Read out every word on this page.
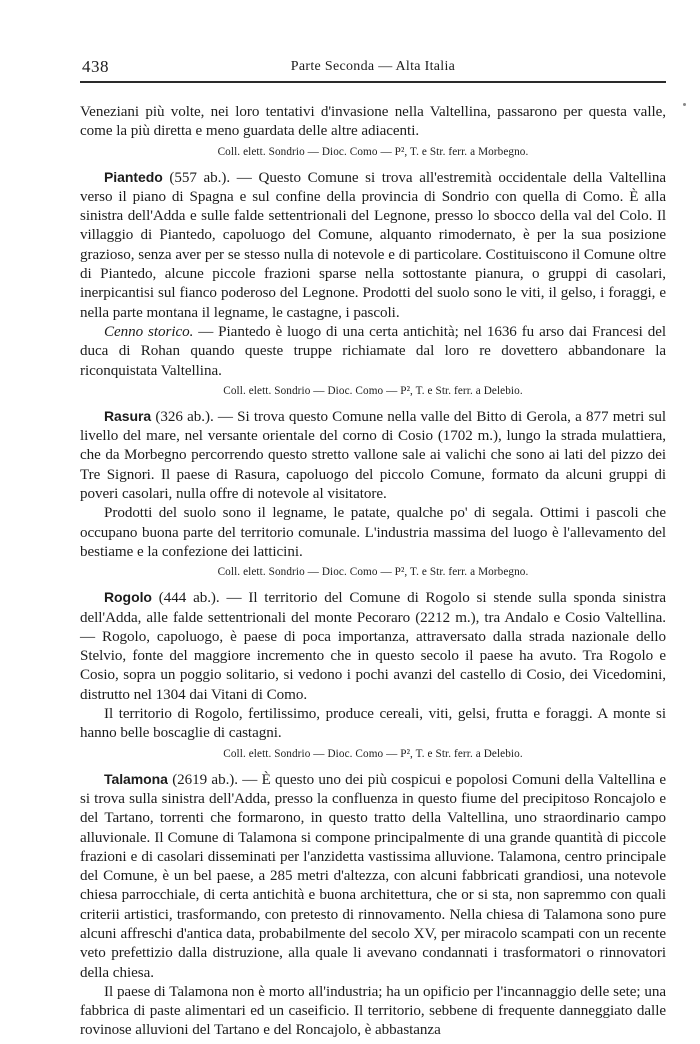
438	Parte Seconda — Alta Italia

Veneziani più volte, nei loro tentativi d'invasione nella Valtellina, passarono per questa valle, come la più diretta e meno guardata delle altre adiacenti.

Coll. elett. Sondrio — Dioc. Como — P², T. e Str. ferr. a Morbegno.

Piantedo (557 ab.). — Questo Comune si trova all'estremità occidentale della Valtellina verso il piano di Spagna e sul confine della provincia di Sondrio con quella di Como. È alla sinistra dell'Adda e sulle falde settentrionali del Legnone, presso lo sbocco della val del Colo. Il villaggio di Piantedo, capoluogo del Comune, alquanto rimodernato, è per la sua posizione grazioso, senza aver per se stesso nulla di notevole e di particolare. Costituiscono il Comune oltre di Piantedo, alcune piccole frazioni sparse nella sottostante pianura, o gruppi di casolari, inerpicantisi sul fianco poderoso del Legnone. Prodotti del suolo sono le viti, il gelso, i foraggi, e nella parte montana il legname, le castagne, i pascoli.

Cenno storico. — Piantedo è luogo di una certa antichità; nel 1636 fu arso dai Francesi del duca di Rohan quando queste truppe richiamate dal loro re dovettero abbandonare la riconquistata Valtellina.

Coll. elett. Sondrio — Dioc. Como — P², T. e Str. ferr. a Delebio.

Rasura (326 ab.). — Si trova questo Comune nella valle del Bitto di Gerola, a 877 metri sul livello del mare, nel versante orientale del corno di Cosio (1702 m.), lungo la strada mulattiera, che da Morbegno percorrendo questo stretto vallone sale ai valichi che sono ai lati del pizzo dei Tre Signori. Il paese di Rasura, capoluogo del piccolo Comune, formato da alcuni gruppi di poveri casolari, nulla offre di notevole al visitatore.

Prodotti del suolo sono il legname, le patate, qualche po' di segala. Ottimi i pascoli che occupano buona parte del territorio comunale. L'industria massima del luogo è l'allevamento del bestiame e la confezione dei latticini.

Coll. elett. Sondrio — Dioc. Como — P², T. e Str. ferr. a Morbegno.

Rogolo (444 ab.). — Il territorio del Comune di Rogolo si stende sulla sponda sinistra dell'Adda, alle falde settentrionali del monte Pecoraro (2212 m.), tra Andalo e Cosio Valtellina. — Rogolo, capoluogo, è paese di poca importanza, attraversato dalla strada nazionale dello Stelvio, fonte del maggiore incremento che in questo secolo il paese ha avuto. Tra Rogolo e Cosio, sopra un poggio solitario, si vedono i pochi avanzi del castello di Cosio, dei Vicedomini, distrutto nel 1304 dai Vitani di Como.

Il territorio di Rogolo, fertilissimo, produce cereali, viti, gelsi, frutta e foraggi. A monte si hanno belle boscaglie di castagni.

Coll. elett. Sondrio — Dioc. Como — P², T. e Str. ferr. a Delebio.

Talamona (2619 ab.). — È questo uno dei più cospicui e popolosi Comuni della Valtellina e si trova sulla sinistra dell'Adda, presso la confluenza in questo fiume del precipitoso Roncajolo e del Tartano, torrenti che formarono, in questo tratto della Valtellina, uno straordinario campo alluvionale. Il Comune di Talamona si compone principalmente di una grande quantità di piccole frazioni e di casolari disseminati per l'anzidetta vastissima alluvione. Talamona, centro principale del Comune, è un bel paese, a 285 metri d'altezza, con alcuni fabbricati grandiosi, una notevole chiesa parrocchiale, di certa antichità e buona architettura, che or si sta, non sapremmo con quali criterii artistici, trasformando, con pretesto di rinnovamento. Nella chiesa di Talamona sono pure alcuni affreschi d'antica data, probabilmente del secolo XV, per miracolo scampati con un recente veto prefettizio dalla distruzione, alla quale li avevano condannati i trasformatori o rinnovatori della chiesa.

Il paese di Talamona non è morto all'industria; ha un opificio per l'incannaggio delle sete; una fabbrica di paste alimentari ed un caseificio. Il territorio, sebbene di frequente danneggiato dalle rovinose alluvioni del Tartano e del Roncajolo, è abbastanza
